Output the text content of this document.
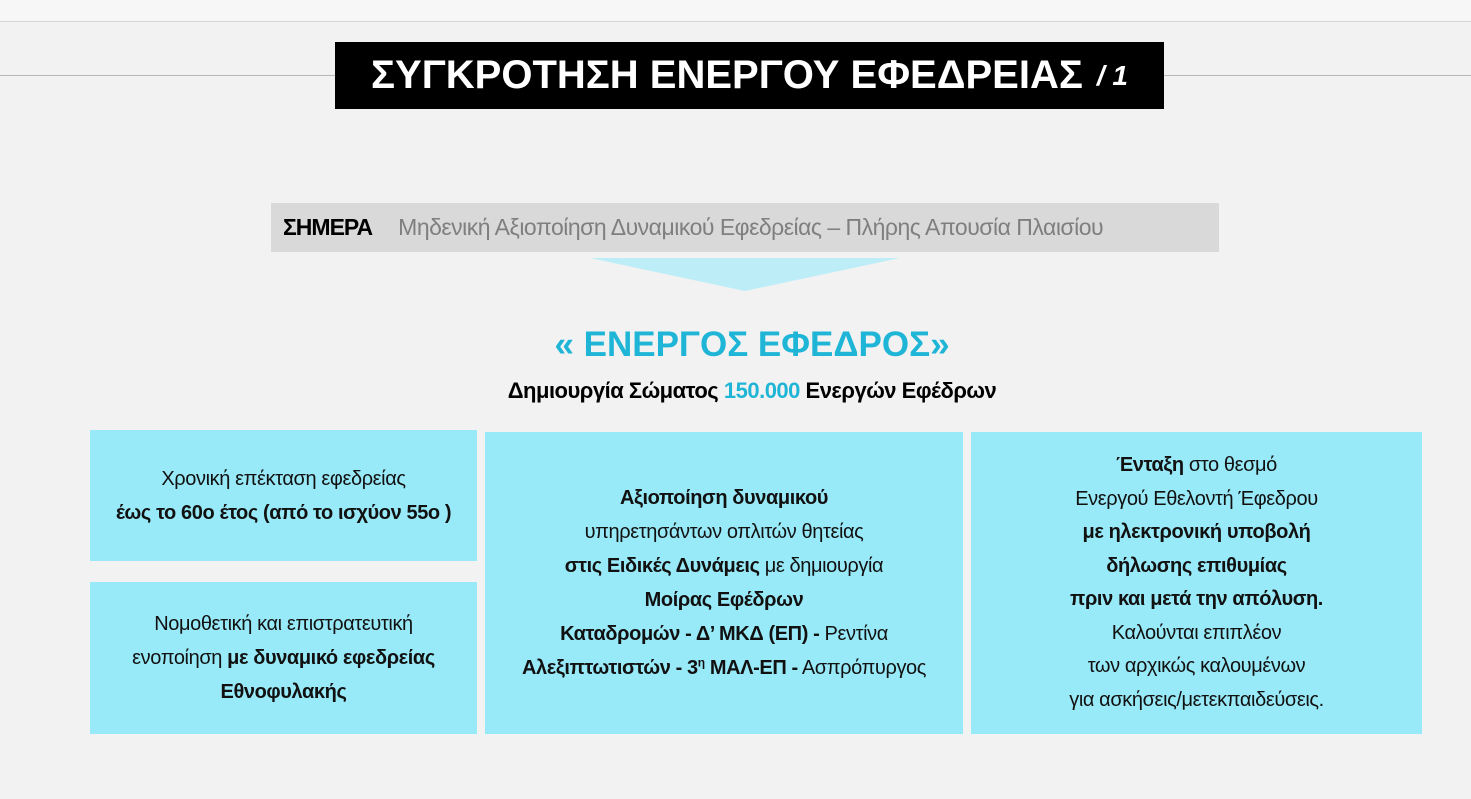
ΣΥΓΚΡΟΤΗΣΗ ΕΝΕΡΓΟΥ ΕΦΕΔΡΕΙΑΣ / 1
ΣΗΜΕΡΑ Μηδενική Αξιοποίηση Δυναμικού Εφεδρείας – Πλήρης Απουσία Πλαισίου
« ΕΝΕΡΓΟΣ ΕΦΕΔΡΟΣ»
Δημιουργία Σώματος 150.000 Ενεργών Εφέδρων
Χρονική επέκταση εφεδρείας
έως το 60ο έτος (από το ισχύον 55ο )
Νομοθετική και επιστρατευτική
ενοποίηση με δυναμικό εφεδρείας
Εθνοφυλακής
Αξιοποίηση δυναμικού
υπηρετησάντων οπλιτών θητείας
στις Ειδικές Δυνάμεις με δημιουργία
Μοίρας Εφέδρων
Καταδρομών - Δ’ ΜΚΔ (ΕΠ) - Ρεντίνα
Αλεξιπτωτιστών - $3^\eta$ ΜΑΛ-ΕΠ - Ασπρόπυργος
Ένταξη στο θεσμό
Ενεργού Εθελοντή Έφεδρου
με ηλεκτρονική υποβολή
δήλωσης επιθυμίας
πριν και μετά την απόλυση.
Καλούνται επιπλέον
των αρχικώς καλουμένων
για ασκήσεις/μετεκπαιδεύσεις.
